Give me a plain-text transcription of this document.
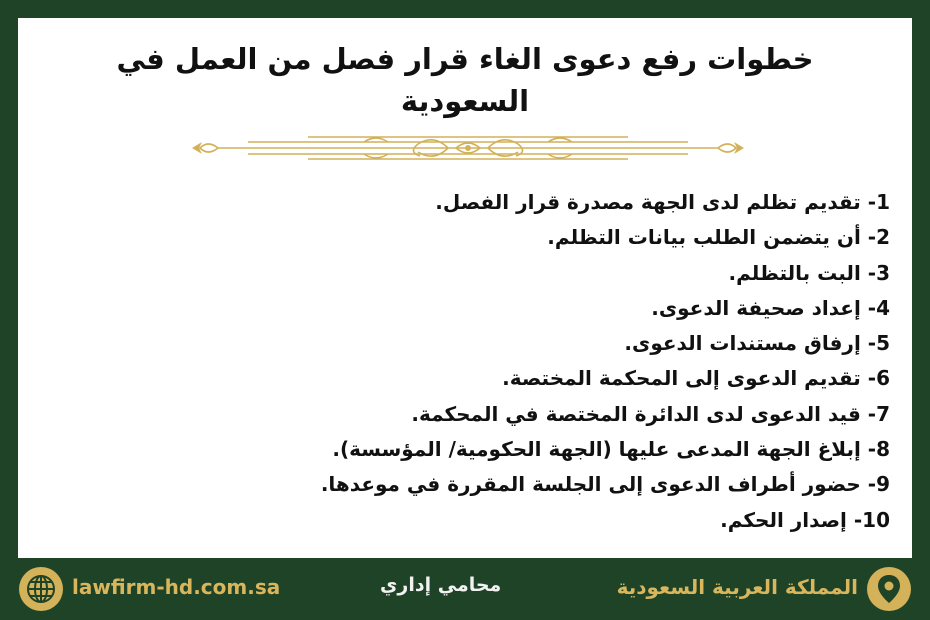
خطوات رفع دعوى الغاء قرار فصل من العمل في السعودية
1- تقديم تظلم لدى الجهة مصدرة قرار الفصل.
2- أن يتضمن الطلب بيانات التظلم.
3- البت بالتظلم.
4- إعداد صحيفة الدعوى.
5- إرفاق مستندات الدعوى.
6- تقديم الدعوى إلى المحكمة المختصة.
7- قيد الدعوى لدى الدائرة المختصة في المحكمة.
8- إبلاغ الجهة المدعى عليها (الجهة الحكومية/ المؤسسة).
9- حضور أطراف الدعوى إلى الجلسة المقررة في موعدها.
10- إصدار الحكم.
lawfirm-hd.com.sa	محامي إداري	المملكة العربية السعودية
